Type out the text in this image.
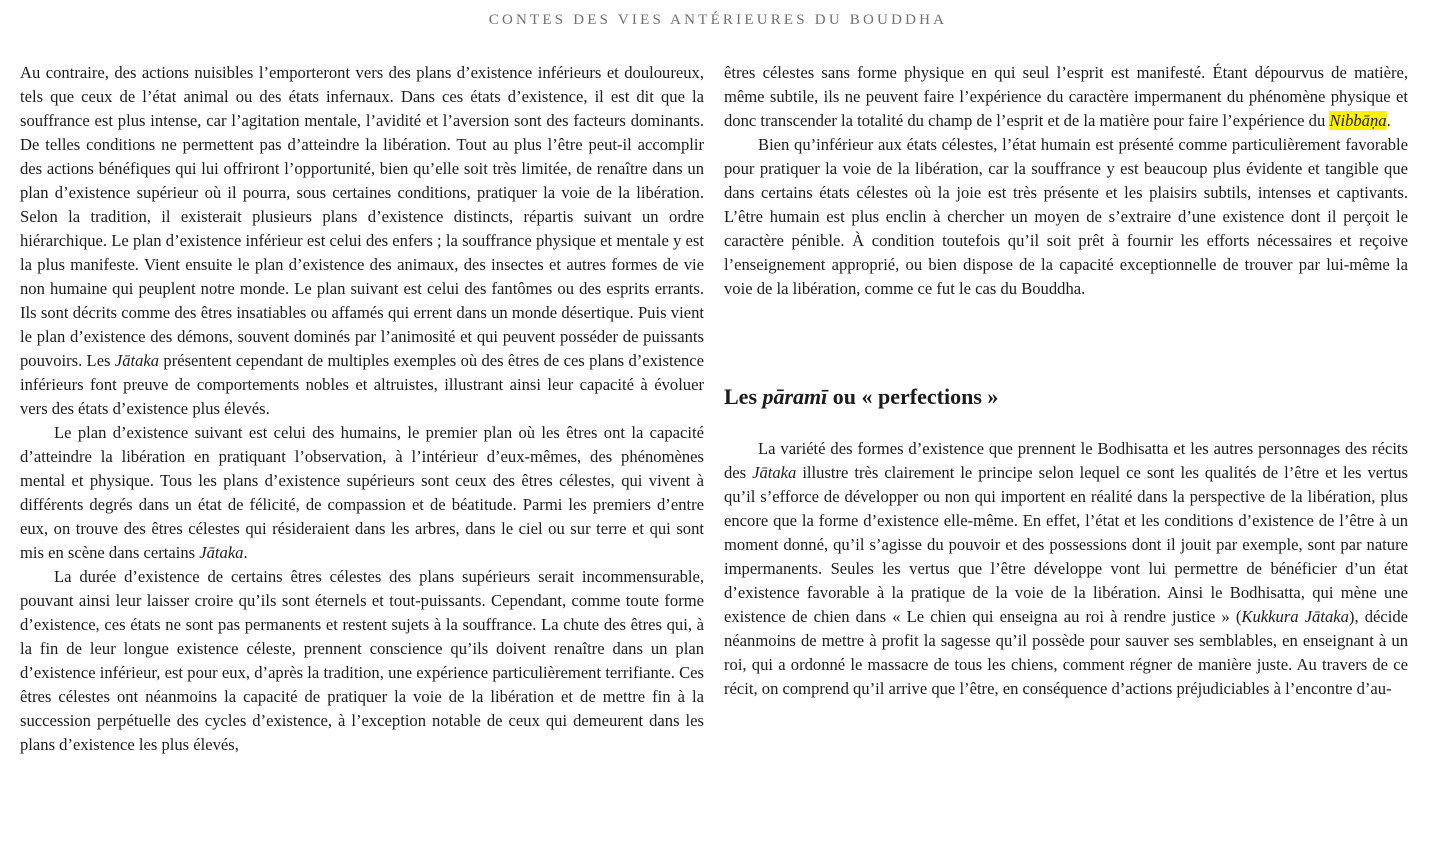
CONTES DES VIES ANTÉRIEURES DU BOUDDHA

Au contraire, des actions nuisibles l’emporteront vers des plans d’existence inférieurs et douloureux, tels que ceux de l’état animal ou des états infernaux. Dans ces états d’existence, il est dit que la souffrance est plus intense, car l’agitation mentale, l’avidité et l’aversion sont des facteurs dominants. De telles conditions ne permettent pas d’atteindre la libération. Tout au plus l’être peut-il accomplir des actions bénéfiques qui lui offriront l’opportunité, bien qu’elle soit très limitée, de renaître dans un plan d’existence supérieur où il pourra, sous certaines conditions, pratiquer la voie de la libération. Selon la tradition, il existerait plusieurs plans d’existence distincts, répartis suivant un ordre hiérarchique. Le plan d’existence inférieur est celui des enfers ; la souffrance physique et mentale y est la plus manifeste. Vient ensuite le plan d’existence des animaux, des insectes et autres formes de vie non humaine qui peuplent notre monde. Le plan suivant est celui des fantômes ou des esprits errants. Ils sont décrits comme des êtres insatiables ou affamés qui errent dans un monde désertique. Puis vient le plan d’existence des démons, souvent dominés par l’animosité et qui peuvent posséder de puissants pouvoirs. Les Jātaka présentent cependant de multiples exemples où des êtres de ces plans d’existence inférieurs font preuve de comportements nobles et altruistes, illustrant ainsi leur capacité à évoluer vers des états d’existence plus élevés.

Le plan d’existence suivant est celui des humains, le premier plan où les êtres ont la capacité d’atteindre la libération en pratiquant l’observation, à l’intérieur d’eux-mêmes, des phénomènes mental et physique. Tous les plans d’existence supérieurs sont ceux des êtres célestes, qui vivent à différents degrés dans un état de félicité, de compassion et de béatitude. Parmi les premiers d’entre eux, on trouve des êtres célestes qui résideraient dans les arbres, dans le ciel ou sur terre et qui sont mis en scène dans certains Jātaka.

La durée d’existence de certains êtres célestes des plans supérieurs serait incommensurable, pouvant ainsi leur laisser croire qu’ils sont éternels et tout-puissants. Cependant, comme toute forme d’existence, ces états ne sont pas permanents et restent sujets à la souffrance. La chute des êtres qui, à la fin de leur longue existence céleste, prennent conscience qu’ils doivent renaître dans un plan d’existence inférieur, est pour eux, d’après la tradition, une expérience particulièrement terrifiante. Ces êtres célestes ont néanmoins la capacité de pratiquer la voie de la libération et de mettre fin à la succession perpétuelle des cycles d’existence, à l’exception notable de ceux qui demeurent dans les plans d’existence les plus élevés,

êtres célestes sans forme physique en qui seul l’esprit est manifesté. Étant dépourvus de matière, même subtile, ils ne peuvent faire l’expérience du caractère impermanent du phénomène physique et donc transcender la totalité du champ de l’esprit et de la matière pour faire l’expérience du Nibbāṇa.

Bien qu’inférieur aux états célestes, l’état humain est présenté comme particulièrement favorable pour pratiquer la voie de la libération, car la souffrance y est beaucoup plus évidente et tangible que dans certains états célestes où la joie est très présente et les plaisirs subtils, intenses et captivants. L’être humain est plus enclin à chercher un moyen de s’extraire d’une existence dont il perçoit le caractère pénible. À condition toutefois qu’il soit prêt à fournir les efforts nécessaires et reçoive l’enseignement approprié, ou bien dispose de la capacité exceptionnelle de trouver par lui-même la voie de la libération, comme ce fut le cas du Bouddha.

Les pāramī ou « perfections »

La variété des formes d’existence que prennent le Bodhisatta et les autres personnages des récits des Jātaka illustre très clairement le principe selon lequel ce sont les qualités de l’être et les vertus qu’il s’efforce de développer ou non qui importent en réalité dans la perspective de la libération, plus encore que la forme d’existence elle-même. En effet, l’état et les conditions d’existence de l’être à un moment donné, qu’il s’agisse du pouvoir et des possessions dont il jouit par exemple, sont par nature impermanents. Seules les vertus que l’être développe vont lui permettre de bénéficier d’un état d’existence favorable à la pratique de la voie de la libération. Ainsi le Bodhisatta, qui mène une existence de chien dans « Le chien qui enseigna au roi à rendre justice » (Kukkura Jātaka), décide néanmoins de mettre à profit la sagesse qu’il possède pour sauver ses semblables, en enseignant à un roi, qui a ordonné le massacre de tous les chiens, comment régner de manière juste. Au travers de ce récit, on comprend qu’il arrive que l’être, en conséquence d’actions préjudiciables à l’encontre d’au-
